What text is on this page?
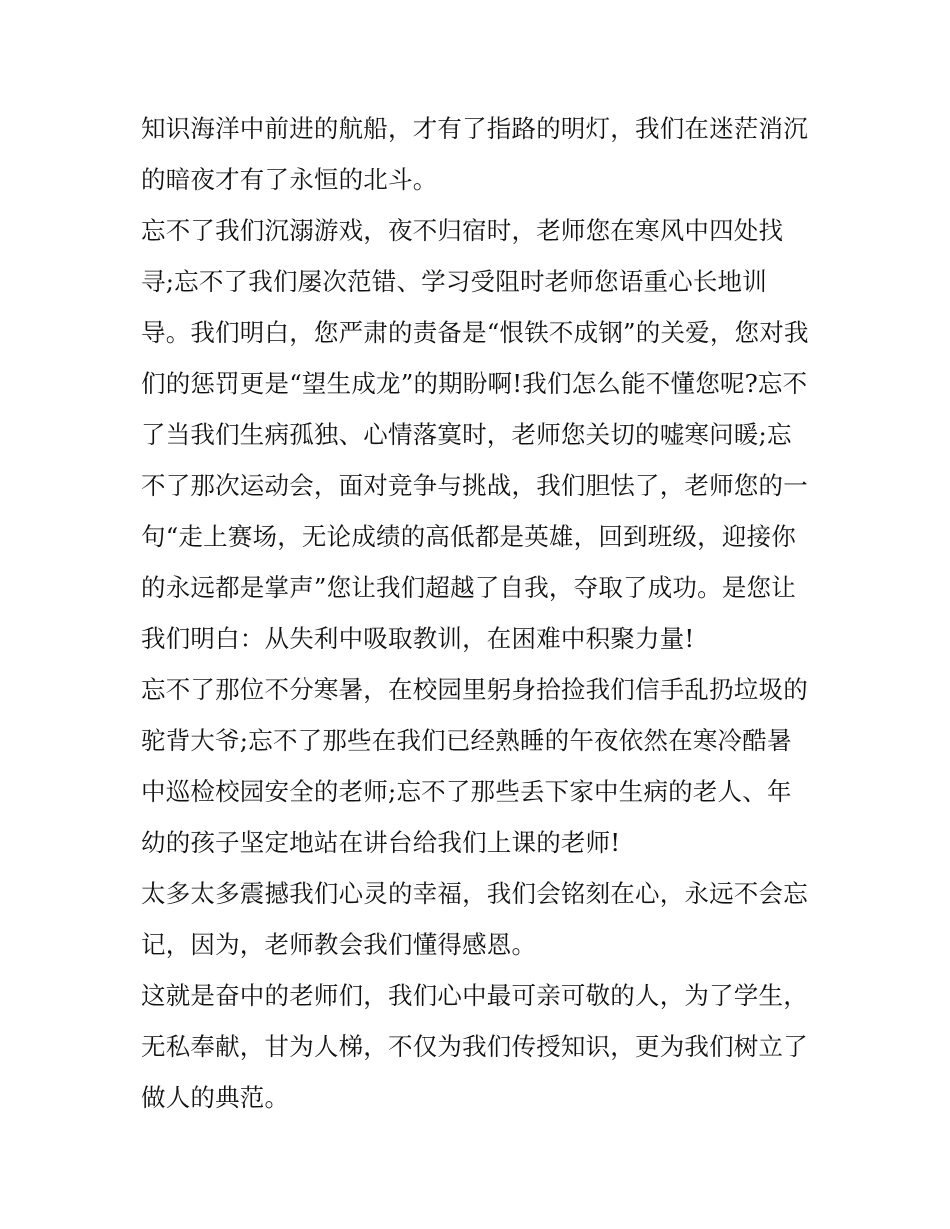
知识海洋中前进的航船，才有了指路的明灯，我们在迷茫消沉
的暗夜才有了永恒的北斗。
忘不了我们沉溺游戏，夜不归宿时，老师您在寒风中四处找
寻;忘不了我们屡次范错、学习受阻时老师您语重心长地训
导。我们明白，您严肃的责备是“恨铁不成钢”的关爱，您对我
们的惩罚更是“望生成龙”的期盼啊!我们怎么能不懂您呢?忘不
了当我们生病孤独、心情落寞时，老师您关切的嘘寒问暖;忘
不了那次运动会，面对竞争与挑战，我们胆怯了，老师您的一
句“走上赛场，无论成绩的高低都是英雄，回到班级，迎接你
的永远都是掌声”您让我们超越了自我，夺取了成功。是您让
我们明白：从失利中吸取教训，在困难中积聚力量!
忘不了那位不分寒暑，在校园里躬身拾捡我们信手乱扔垃圾的
驼背大爷;忘不了那些在我们已经熟睡的午夜依然在寒冷酷暑
中巡检校园安全的老师;忘不了那些丢下家中生病的老人、年
幼的孩子坚定地站在讲台给我们上课的老师!
太多太多震撼我们心灵的幸福，我们会铭刻在心，永远不会忘
记，因为，老师教会我们懂得感恩。
这就是奋中的老师们，我们心中最可亲可敬的人，为了学生，
无私奉献，甘为人梯，不仅为我们传授知识，更为我们树立了
做人的典范。
